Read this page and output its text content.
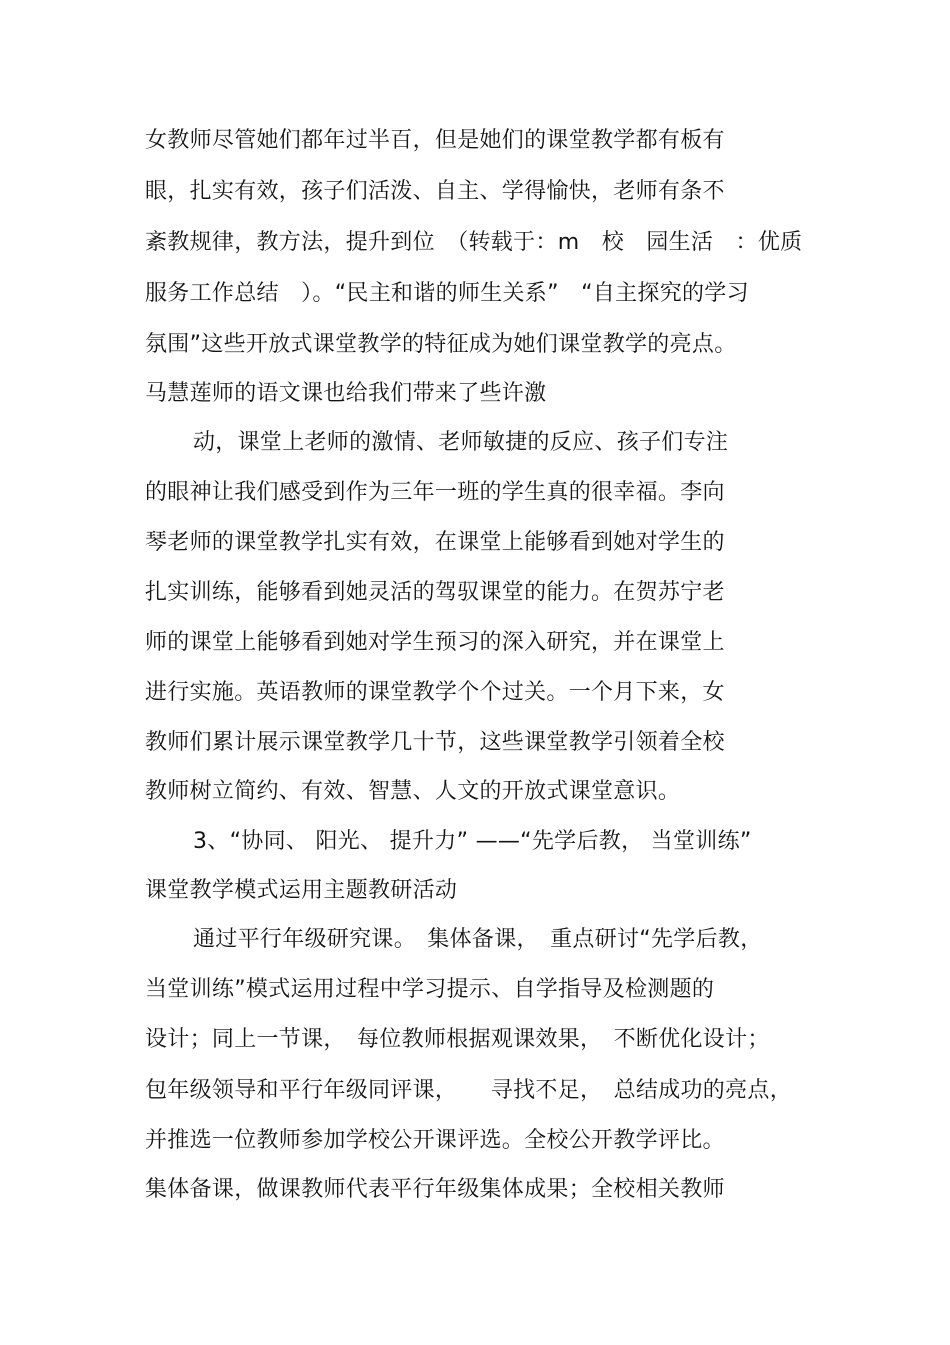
女教师尽管她们都年过半百，但是她们的课堂教学都有板有
眼，扎实有效，孩子们活泼、自主、学得愉快，老师有条不
紊教规律，教方法，提升到位　（转载于：m　校　园生活　：优质
服务工作总结　）。“民主和谐的师生关系”　“自主探究的学习
氛围”这些开放式课堂教学的特征成为她们课堂教学的亮点。
马慧莲师的语文课也给我们带来了些许激
动，课堂上老师的激情、老师敏捷的反应、孩子们专注
的眼神让我们感受到作为三年一班的学生真的很幸福。李向
琴老师的课堂教学扎实有效，在课堂上能够看到她对学生的
扎实训练，能够看到她灵活的驾驭课堂的能力。在贺苏宁老
师的课堂上能够看到她对学生预习的深入研究，并在课堂上
进行实施。英语教师的课堂教学个个过关。一个月下来，女
教师们累计展示课堂教学几十节，这些课堂教学引领着全校
教师树立简约、有效、智慧、人文的开放式课堂意识。
3、“协同、 阳光、 提升力” ——“先学后教， 当堂训练”
课堂教学模式运用主题教研活动
通过平行年级研究课。　集体备课，　重点研讨“先学后教，
当堂训练”模式运用过程中学习提示、自学指导及检测题的
设计；同上一节课，　每位教师根据观课效果，　不断优化设计；
包年级领导和平行年级同评课，　　寻找不足，　总结成功的亮点，
并推选一位教师参加学校公开课评选。全校公开教学评比。
集体备课，做课教师代表平行年级集体成果；全校相关教师
